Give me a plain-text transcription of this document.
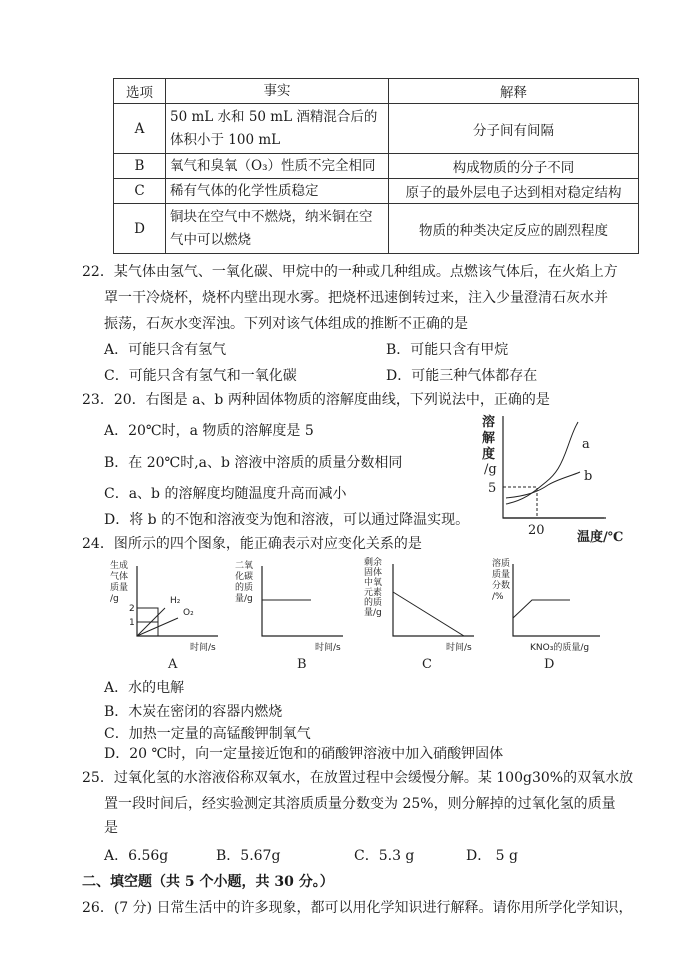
选项	事实	解释
A	50 mL 水和 50 mL 酒精混合后的体积小于 100 mL	分子间有间隔
B	氧气和臭氧（O₃）性质不完全相同	构成物质的分子不同
C	稀有气体的化学性质稳定	原子的最外层电子达到相对稳定结构
D	铜块在空气中不燃烧，纳米铜在空气中可以燃烧	物质的种类决定反应的剧烈程度
22．某气体由氢气、一氧化碳、甲烷中的一种或几种组成。点燃该气体后，在火焰上方
罩一干冷烧杯，烧杯内壁出现水雾。把烧杯迅速倒转过来，注入少量澄清石灰水并
振荡，石灰水变浑浊。下列对该气体组成的推断不正确的是
A．可能只含有氢气	B．可能只含有甲烷
C．可能只含有氢气和一氧化碳	D．可能三种气体都存在
23．20．右图是 a、b 两种固体物质的溶解度曲线，下列说法中，正确的是
A．20℃时，a 物质的溶解度是 5
B．在 20℃时,a、b 溶液中溶质的质量分数相同
C．a、b 的溶解度均随温度升高而减小
D．将 b 的不饱和溶液变为饱和溶液，可以通过降温实现。
溶
解
度
/g
a
b
5
20 温度/℃
24．图所示的四个图象，能正确表示对应变化关系的是
生成
气体
质量
/g
2
1
H₂
O₂
时间/s
A
二氧
化碳
的质
量/g
时间/s
B
剩余
固体
中氧
元素
的质
量/g
时间/s
C
溶质
质量
分数
/%
KNO₃的质量/g
D
A．水的电解
B．木炭在密闭的容器内燃烧
C．加热一定量的高锰酸钾制氧气
D．20 ℃时，向一定量接近饱和的硝酸钾溶液中加入硝酸钾固体
25．过氧化氢的水溶液俗称双氧水，在放置过程中会缓慢分解。某 100g30%的双氧水放
置一段时间后，经实验测定其溶质质量分数变为 25%，则分解掉的过氧化氢的质量
是
A．6.56g	B．5.67g	C．5.3 g	D． 5 g
二、填空题（共 5 个小题，共 30 分。）
26．(7 分) 日常生活中的许多现象，都可以用化学知识进行解释。请你用所学化学知识，
